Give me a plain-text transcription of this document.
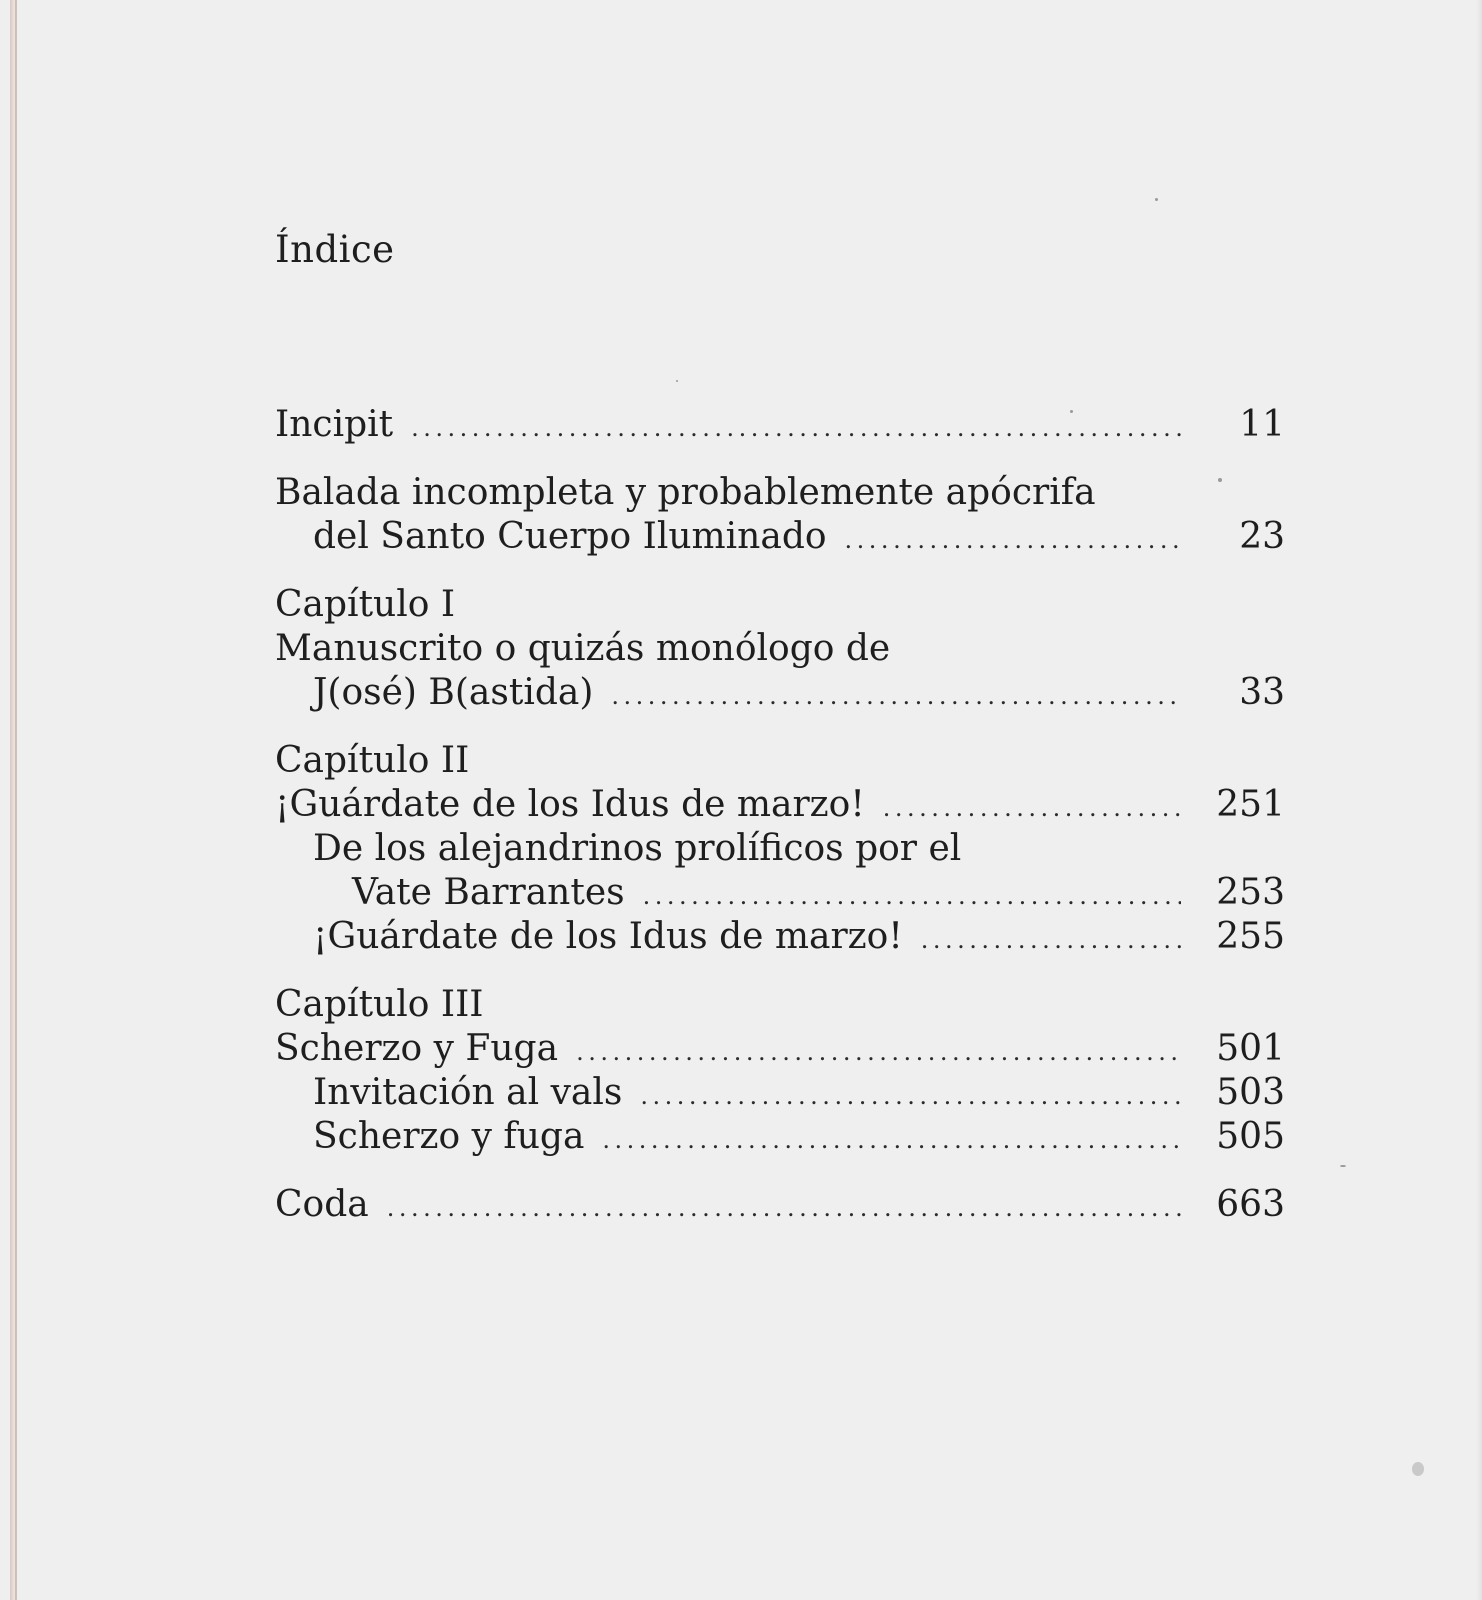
Índice
Incipit .....	11
Balada incompleta y probablemente apócrifa
del Santo Cuerpo Iluminado .....	23
Capítulo I
Manuscrito o quizás monólogo de
J(osé) B(astida) .....	33
Capítulo II
¡Guárdate de los Idus de marzo! .....	251
De los alejandrinos prolíficos por el
Vate Barrantes .....	253
¡Guárdate de los Idus de marzo! .....	255
Capítulo III
Scherzo y Fuga .....	501
Invitación al vals .....	503
Scherzo y fuga .....	505
Coda .....	663
